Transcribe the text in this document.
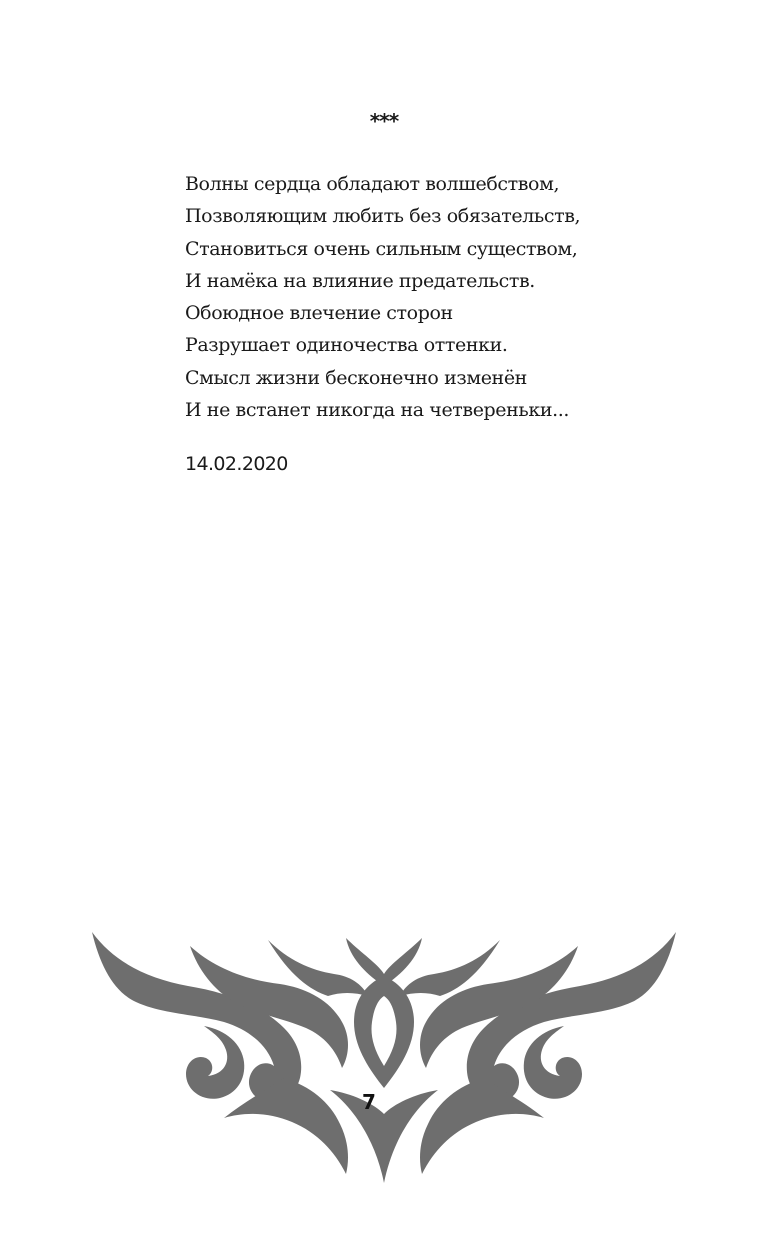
***
Волны сердца обладают волшебством,
Позволяющим любить без обязательств,
Становиться очень сильным существом,
И намёка на влияние предательств.
Обоюдное влечение сторон
Разрушает одиночества оттенки.
Смысл жизни бесконечно изменён
И не встанет никогда на четвереньки...
14.02.2020
7
